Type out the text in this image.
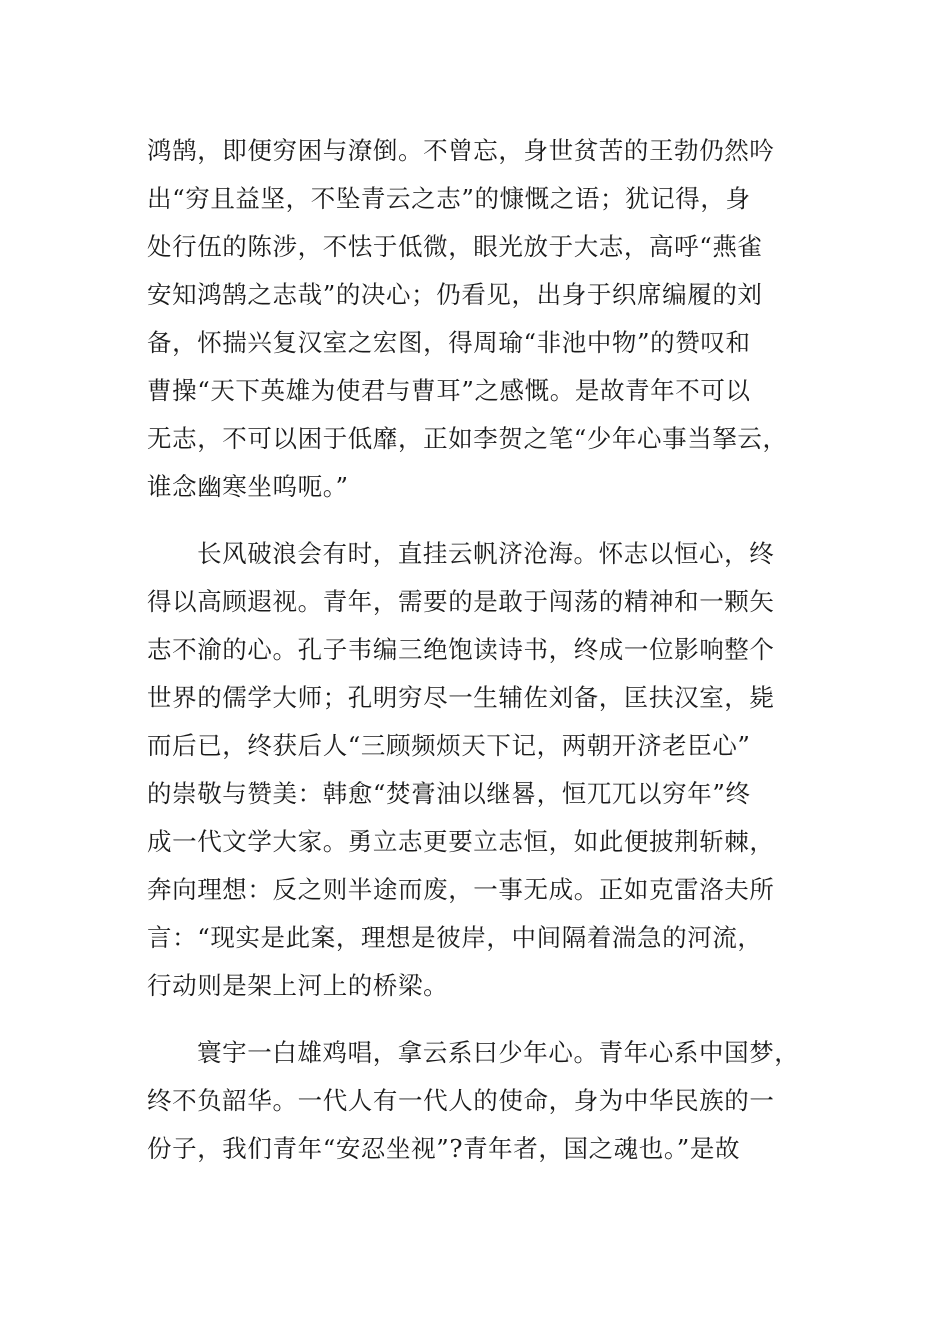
鸿鹄，即便穷困与潦倒。不曾忘，身世贫苦的王勃仍然吟
出“穷且益坚，不坠青云之志”的慷慨之语；犹记得，身
处行伍的陈涉，不怯于低微，眼光放于大志，高呼“燕雀
安知鸿鹄之志哉”的决心；仍看见，出身于织席编履的刘
备，怀揣兴复汉室之宏图，得周瑜“非池中物”的赞叹和
曹操“天下英雄为使君与曹耳”之感慨。是故青年不可以
无志，不可以困于低靡，正如李贺之笔“少年心事当拏云，
谁念幽寒坐呜呃。”
长风破浪会有时，直挂云帆济沧海。怀志以恒心，终
得以高顾遐视。青年，需要的是敢于闯荡的精神和一颗矢
志不渝的心。孔子韦编三绝饱读诗书，终成一位影响整个
世界的儒学大师；孔明穷尽一生辅佐刘备，匡扶汉室，毙
而后已，终获后人“三顾频烦天下记，两朝开济老臣心”
的崇敬与赞美：韩愈“焚膏油以继晷，恒兀兀以穷年”终
成一代文学大家。勇立志更要立志恒，如此便披荆斩棘，
奔向理想：反之则半途而废，一事无成。正如克雷洛夫所
言：“现实是此案，理想是彼岸，中间隔着湍急的河流，
行动则是架上河上的桥梁。
寰宇一白雄鸡唱，拿云系曰少年心。青年心系中国梦，
终不负韶华。一代人有一代人的使命，身为中华民族的一
份子，我们青年“安忍坐视”?青年者，国之魂也。”是故
